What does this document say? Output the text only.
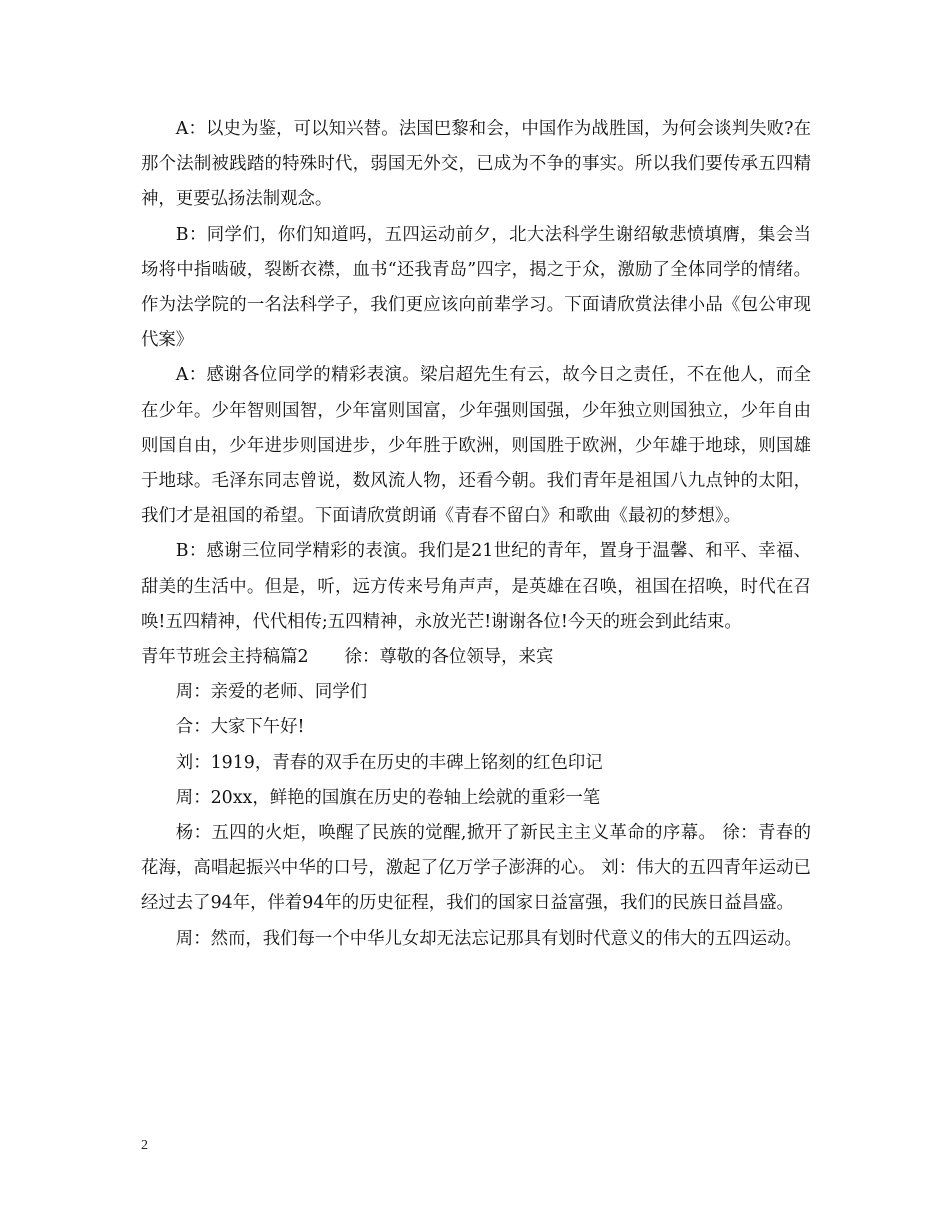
A：以史为鉴，可以知兴替。法国巴黎和会，中国作为战胜国，为何会谈判失败?在那个法制被践踏的特殊时代，弱国无外交，已成为不争的事实。所以我们要传承五四精神，更要弘扬法制观念。

B：同学们，你们知道吗，五四运动前夕，北大法科学生谢绍敏悲愤填膺，集会当场将中指啮破，裂断衣襟，血书“还我青岛”四字，揭之于众，激励了全体同学的情绪。作为法学院的一名法科学子，我们更应该向前辈学习。下面请欣赏法律小品《包公审现代案》

A：感谢各位同学的精彩表演。梁启超先生有云，故今日之责任，不在他人，而全在少年。少年智则国智，少年富则国富，少年强则国强，少年独立则国独立，少年自由则国自由，少年进步则国进步，少年胜于欧洲，则国胜于欧洲，少年雄于地球，则国雄于地球。毛泽东同志曾说，数风流人物，还看今朝。我们青年是祖国八九点钟的太阳，我们才是祖国的希望。下面请欣赏朗诵《青春不留白》和歌曲《最初的梦想》。

B：感谢三位同学精彩的表演。我们是21世纪的青年，置身于温馨、和平、幸福、甜美的生活中。但是，听，远方传来号角声声，是英雄在召唤，祖国在招唤，时代在召唤!五四精神，代代相传;五四精神，永放光芒!谢谢各位!今天的班会到此结束。

青年节班会主持稿篇2 徐：尊敬的各位领导，来宾

周：亲爱的老师、同学们

合：大家下午好!

刘：1919，青春的双手在历史的丰碑上铭刻的红色印记

周：20xx，鲜艳的国旗在历史的卷轴上绘就的重彩一笔

杨：五四的火炬，唤醒了民族的觉醒,掀开了新民主主义革命的序幕。 徐：青春的花海，高唱起振兴中华的口号，激起了亿万学子澎湃的心。 刘：伟大的五四青年运动已经过去了94年，伴着94年的历史征程，我们的国家日益富强，我们的民族日益昌盛。

周：然而，我们每一个中华儿女却无法忘记那具有划时代意义的伟大的五四运动。

2
